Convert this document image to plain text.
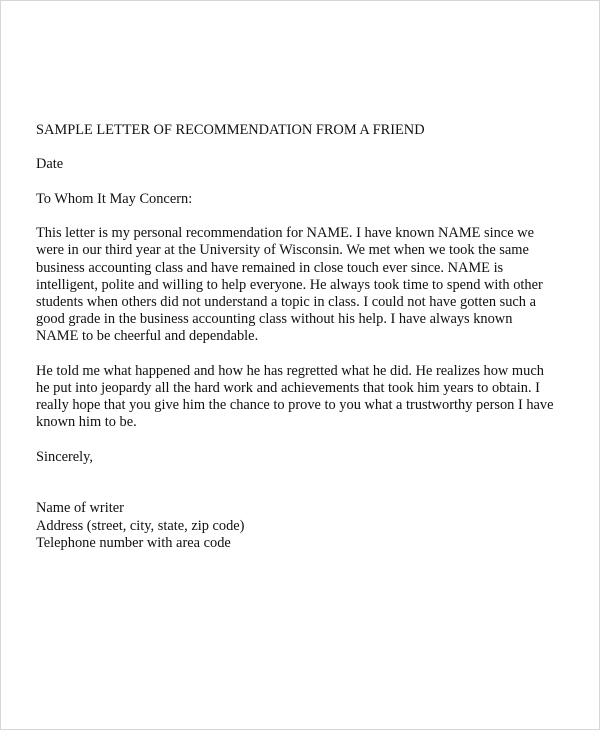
SAMPLE LETTER OF RECOMMENDATION FROM A FRIEND
Date
To Whom It May Concern:
This letter is my personal recommendation for NAME. I have known NAME since we
were in our third year at the University of Wisconsin. We met when we took the same
business accounting class and have remained in close touch ever since. NAME is
intelligent, polite and willing to help everyone. He always took time to spend with other
students when others did not understand a topic in class. I could not have gotten such a
good grade in the business accounting class without his help. I have always known
NAME to be cheerful and dependable.
He told me what happened and how he has regretted what he did. He realizes how much
he put into jeopardy all the hard work and achievements that took him years to obtain. I
really hope that you give him the chance to prove to you what a trustworthy person I have
known him to be.
Sincerely,
Name of writer
Address (street, city, state, zip code)
Telephone number with area code
